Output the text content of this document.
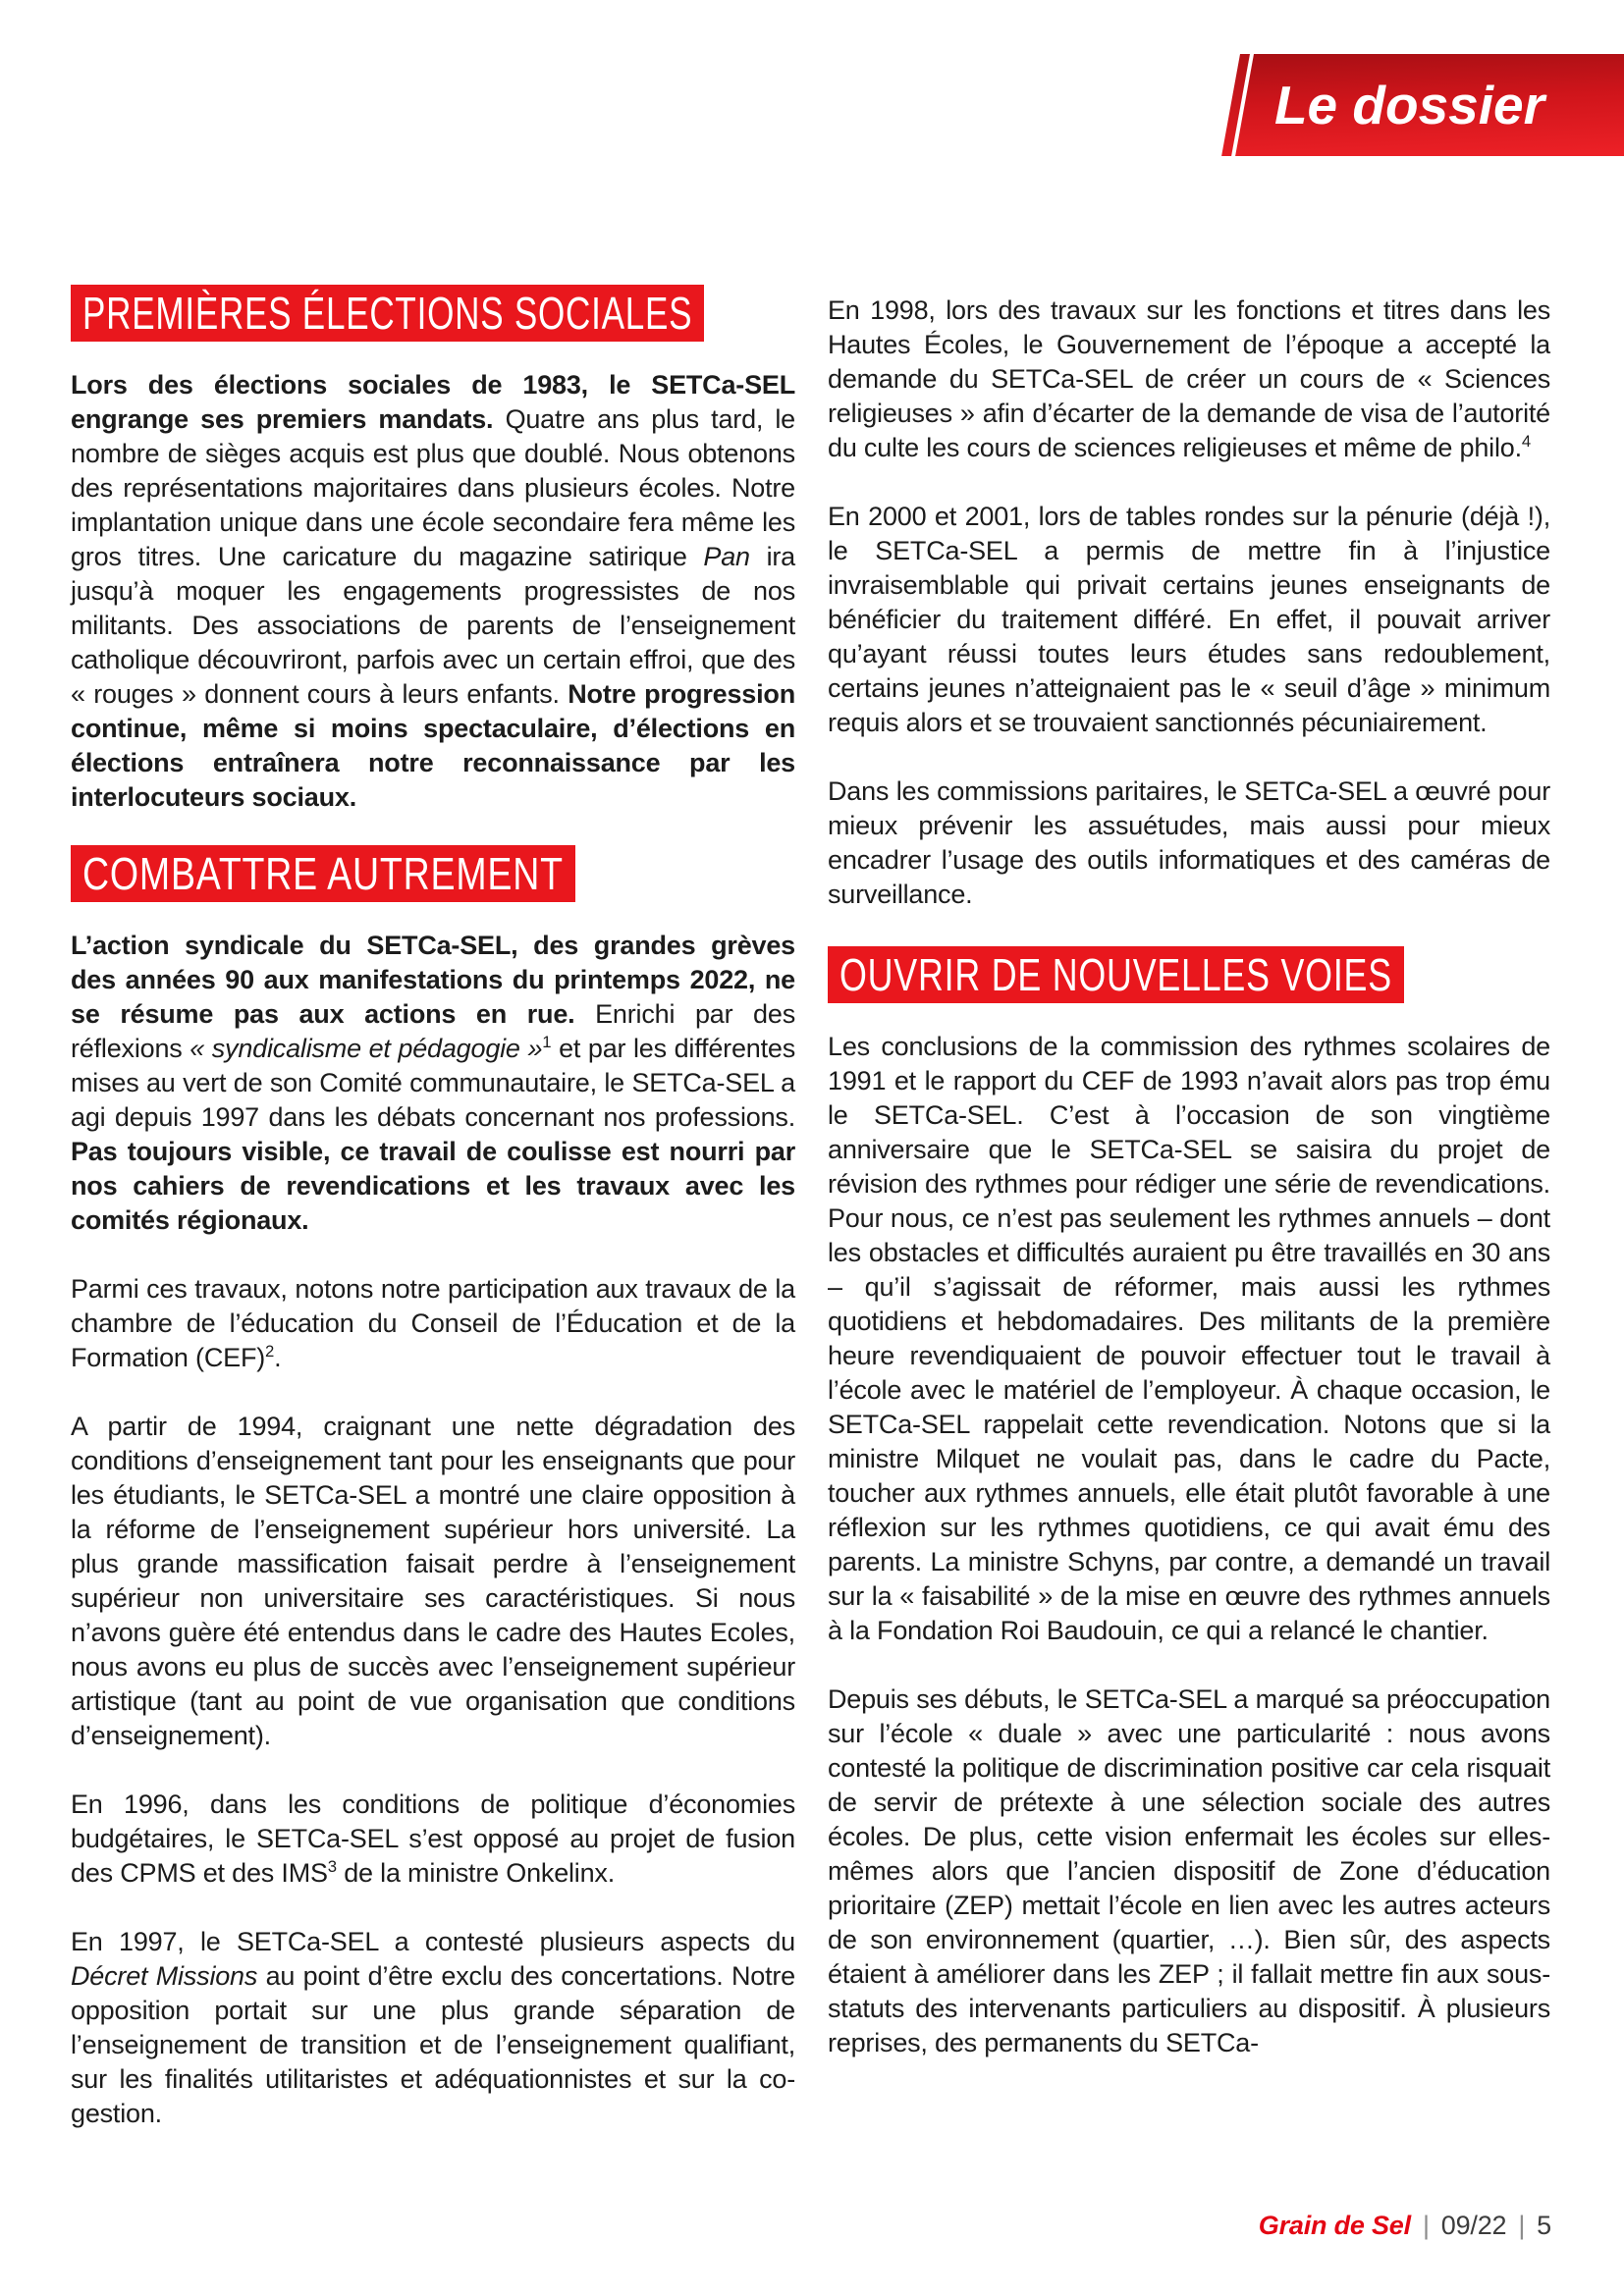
Le dossier
PREMIÈRES ÉLECTIONS SOCIALES

Lors des élections sociales de 1983, le SETCa-SEL engrange ses premiers mandats. Quatre ans plus tard, le nombre de sièges acquis est plus que doublé. Nous obtenons des représentations majoritaires dans plusieurs écoles. Notre implantation unique dans une école secondaire fera même les gros titres. Une caricature du magazine satirique Pan ira jusqu’à moquer les engagements progressistes de nos militants. Des associations de parents de l’enseignement catholique découvriront, parfois avec un certain effroi, que des « rouges » donnent cours à leurs enfants. Notre progression continue, même si moins spectaculaire, d’élections en élections entraînera notre reconnaissance par les interlocuteurs sociaux.

COMBATTRE AUTREMENT

L’action syndicale du SETCa-SEL, des grandes grèves des années 90 aux manifestations du printemps 2022, ne se résume pas aux actions en rue. Enrichi par des réflexions « syndicalisme et pédagogie »$^1$ et par les différentes mises au vert de son Comité communautaire, le SETCa-SEL a agi depuis 1997 dans les débats concernant nos professions. Pas toujours visible, ce travail de coulisse est nourri par nos cahiers de revendications et les travaux avec les comités régionaux.

Parmi ces travaux, notons notre participation aux travaux de la chambre de l’éducation du Conseil de l’Éducation et de la Formation (CEF)$^2$.

A partir de 1994, craignant une nette dégradation des conditions d’enseignement tant pour les enseignants que pour les étudiants, le SETCa-SEL a montré une claire opposition à la réforme de l’enseignement supérieur hors université. La plus grande massification faisait perdre à l’enseignement supérieur non universitaire ses caractéristiques. Si nous n’avons guère été entendus dans le cadre des Hautes Ecoles, nous avons eu plus de succès avec l’enseignement supérieur artistique (tant au point de vue organisation que conditions d’enseignement).

En 1996, dans les conditions de politique d’économies budgétaires, le SETCa-SEL s’est opposé au projet de fusion des CPMS et des IMS$^3$ de la ministre Onkelinx.

En 1997, le SETCa-SEL a contesté plusieurs aspects du Décret Missions au point d’être exclu des concertations. Notre opposition portait sur une plus grande séparation de l’enseignement de transition et de l’enseignement qualifiant, sur les finalités utilitaristes et adéquationnistes et sur la co-gestion.

En 1998, lors des travaux sur les fonctions et titres dans les Hautes Écoles, le Gouvernement de l’époque a accepté la demande du SETCa-SEL de créer un cours de « Sciences religieuses » afin d’écarter de la demande de visa de l’autorité du culte les cours de sciences religieuses et même de philo.$^4$

En 2000 et 2001, lors de tables rondes sur la pénurie (déjà !), le SETCa-SEL a permis de mettre fin à l’injustice invraisemblable qui privait certains jeunes enseignants de bénéficier du traitement différé. En effet, il pouvait arriver qu’ayant réussi toutes leurs études sans redoublement, certains jeunes n’atteignaient pas le « seuil d’âge » minimum requis alors et se trouvaient sanctionnés pécuniairement.

Dans les commissions paritaires, le SETCa-SEL a œuvré pour mieux prévenir les assuétudes, mais aussi pour mieux encadrer l’usage des outils informatiques et des caméras de surveillance.

OUVRIR DE NOUVELLES VOIES

Les conclusions de la commission des rythmes scolaires de 1991 et le rapport du CEF de 1993 n’avait alors pas trop ému le SETCa-SEL. C’est à l’occasion de son vingtième anniversaire que le SETCa-SEL se saisira du projet de révision des rythmes pour rédiger une série de revendications. Pour nous, ce n’est pas seulement les rythmes annuels – dont les obstacles et difficultés auraient pu être travaillés en 30 ans – qu’il s’agissait de réformer, mais aussi les rythmes quotidiens et hebdomadaires. Des militants de la première heure revendiquaient de pouvoir effectuer tout le travail à l’école avec le matériel de l’employeur. À chaque occasion, le SETCa-SEL rappelait cette revendication. Notons que si la ministre Milquet ne voulait pas, dans le cadre du Pacte, toucher aux rythmes annuels, elle était plutôt favorable à une réflexion sur les rythmes quotidiens, ce qui avait ému des parents. La ministre Schyns, par contre, a demandé un travail sur la « faisabilité » de la mise en œuvre des rythmes annuels à la Fondation Roi Baudouin, ce qui a relancé le chantier.

Depuis ses débuts, le SETCa-SEL a marqué sa préoccupation sur l’école « duale » avec une particularité : nous avons contesté la politique de discrimination positive car cela risquait de servir de prétexte à une sélection sociale des autres écoles. De plus, cette vision enfermait les écoles sur elles-mêmes alors que l’ancien dispositif de Zone d’éducation prioritaire (ZEP) mettait l’école en lien avec les autres acteurs de son environnement (quartier, …). Bien sûr, des aspects étaient à améliorer dans les ZEP ; il fallait mettre fin aux sous-statuts des intervenants particuliers au dispositif. À plusieurs reprises, des permanents du SETCa-

Grain de Sel | 09/22 | 5
